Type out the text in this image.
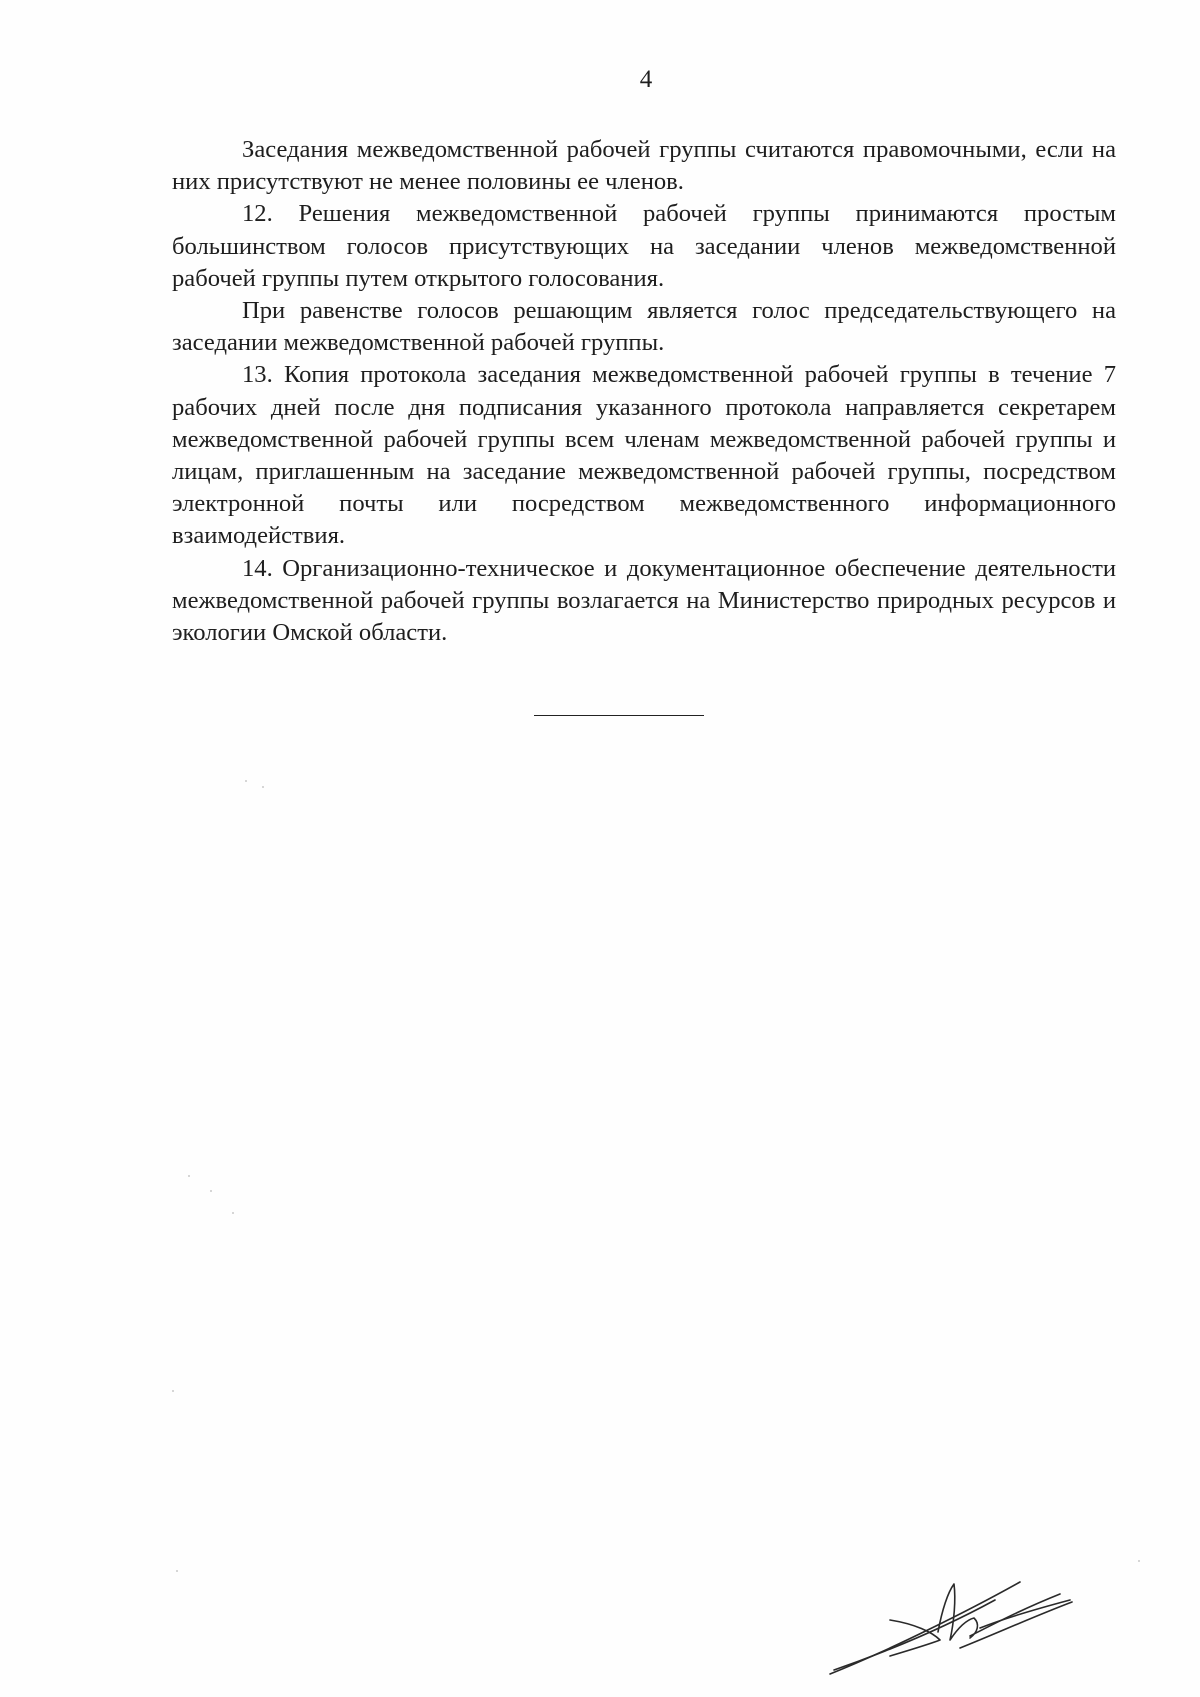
4

Заседания межведомственной рабочей группы считаются правомочными, если на них присутствуют не менее половины ее членов.

12. Решения межведомственной рабочей группы принимаются простым большинством голосов присутствующих на заседании членов межведомственной рабочей группы путем открытого голосования.

При равенстве голосов решающим является голос председательствующего на заседании межведомственной рабочей группы.

13. Копия протокола заседания межведомственной рабочей группы в течение 7 рабочих дней после дня подписания указанного протокола направляется секретарем межведомственной рабочей группы всем членам межведомственной рабочей группы и лицам, приглашенным на заседание межведомственной рабочей группы, посредством электронной почты или посредством межведомственного информационного взаимодействия.

14. Организационно-техническое и документационное обеспечение деятельности межведомственной рабочей группы возлагается на Министерство природных ресурсов и экологии Омской области.
